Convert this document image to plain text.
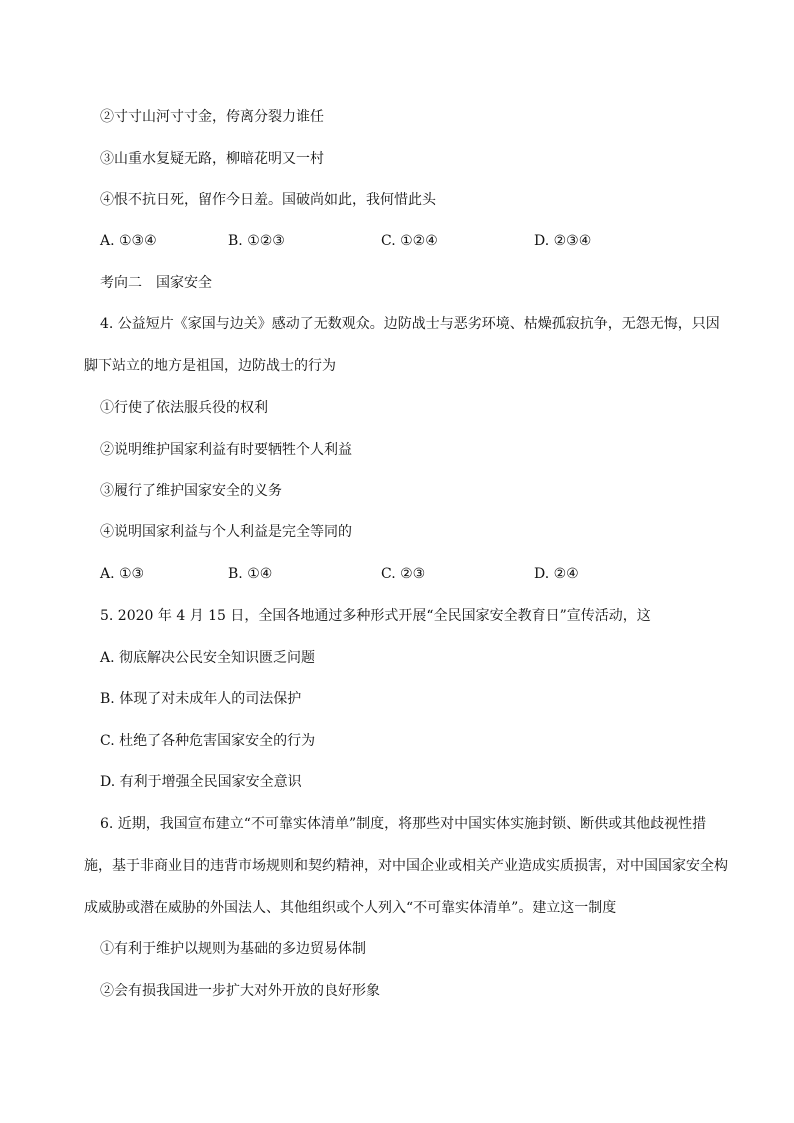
②寸寸山河寸寸金，侉离分裂力谁任
③山重水复疑无路，柳暗花明又一村
④恨不抗日死，留作今日羞。国破尚如此，我何惜此头
A. ①③④	B. ①②③	C. ①②④	D. ②③④
考向二　国家安全
4. 公益短片《家国与边关》感动了无数观众。边防战士与恶劣环境、枯燥孤寂抗争，无怨无悔，只因
脚下站立的地方是祖国，边防战士的行为
①行使了依法服兵役的权利
②说明维护国家利益有时要牺牲个人利益
③履行了维护国家安全的义务
④说明国家利益与个人利益是完全等同的
A. ①③	B. ①④	C. ②③	D. ②④
5. 2020 年 4 月 15 日，全国各地通过多种形式开展“全民国家安全教育日”宣传活动，这
A. 彻底解决公民安全知识匮乏问题
B. 体现了对未成年人的司法保护
C. 杜绝了各种危害国家安全的行为
D. 有利于增强全民国家安全意识
6. 近期，我国宣布建立“不可靠实体清单”制度，将那些对中国实体实施封锁、断供或其他歧视性措
施，基于非商业目的违背市场规则和契约精神，对中国企业或相关产业造成实质损害，对中国国家安全构
成威胁或潜在威胁的外国法人、其他组织或个人列入“不可靠实体清单”。建立这一制度
①有利于维护以规则为基础的多边贸易体制
②会有损我国进一步扩大对外开放的良好形象
